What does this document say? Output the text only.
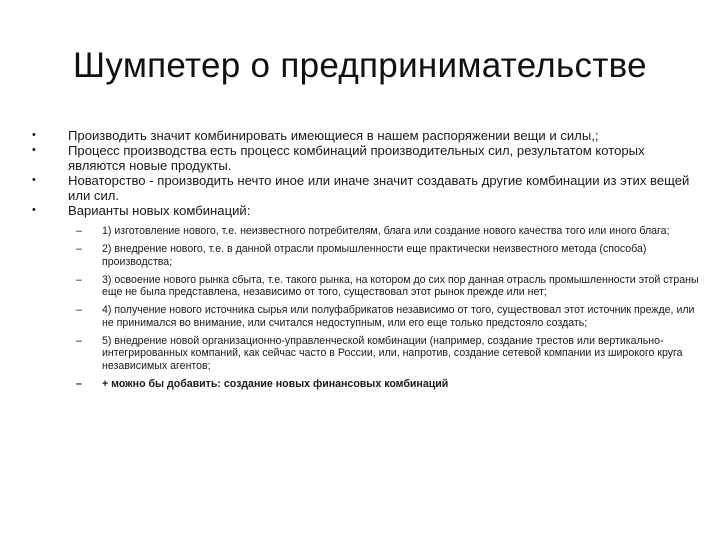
Шумпетер о предпринимательстве
• Производить значит комбинировать имеющиеся в нашем распоряжении вещи и силы,;
• Процесс производства есть процесс комбинаций производительных сил, результатом которых являются новые продукты.
• Новаторство - производить нечто иное или иначе значит создавать другие комбинации из этих вещей или сил.
• Варианты новых комбинаций:
– 1) изготовление нового, т.е. неизвестного потребителям, блага или создание нового качества того или иного блага;
– 2) внедрение нового, т.е. в данной отрасли промышленности еще практически неизвестного метода (способа) производства;
– 3) освоение нового рынка сбыта, т.е. такого рынка, на котором до сих пор данная отрасль промышленности этой страны еще не была представлена, независимо от того, существовал этот рынок прежде или нет;
– 4) получение нового источника сырья или полуфабрикатов независимо от того, существовал этот источник прежде, или не принимался во внимание, или считался недоступным, или его еще только предстояло создать;
– 5) внедрение новой организационно-управленческой комбинации (например, создание трестов или вертикально-интегрированных компаний, как сейчас часто в России, или, напротив, создание сетевой компании из широкого круга независимых агентов;
– + можно бы добавить: создание новых финансовых комбинаций
